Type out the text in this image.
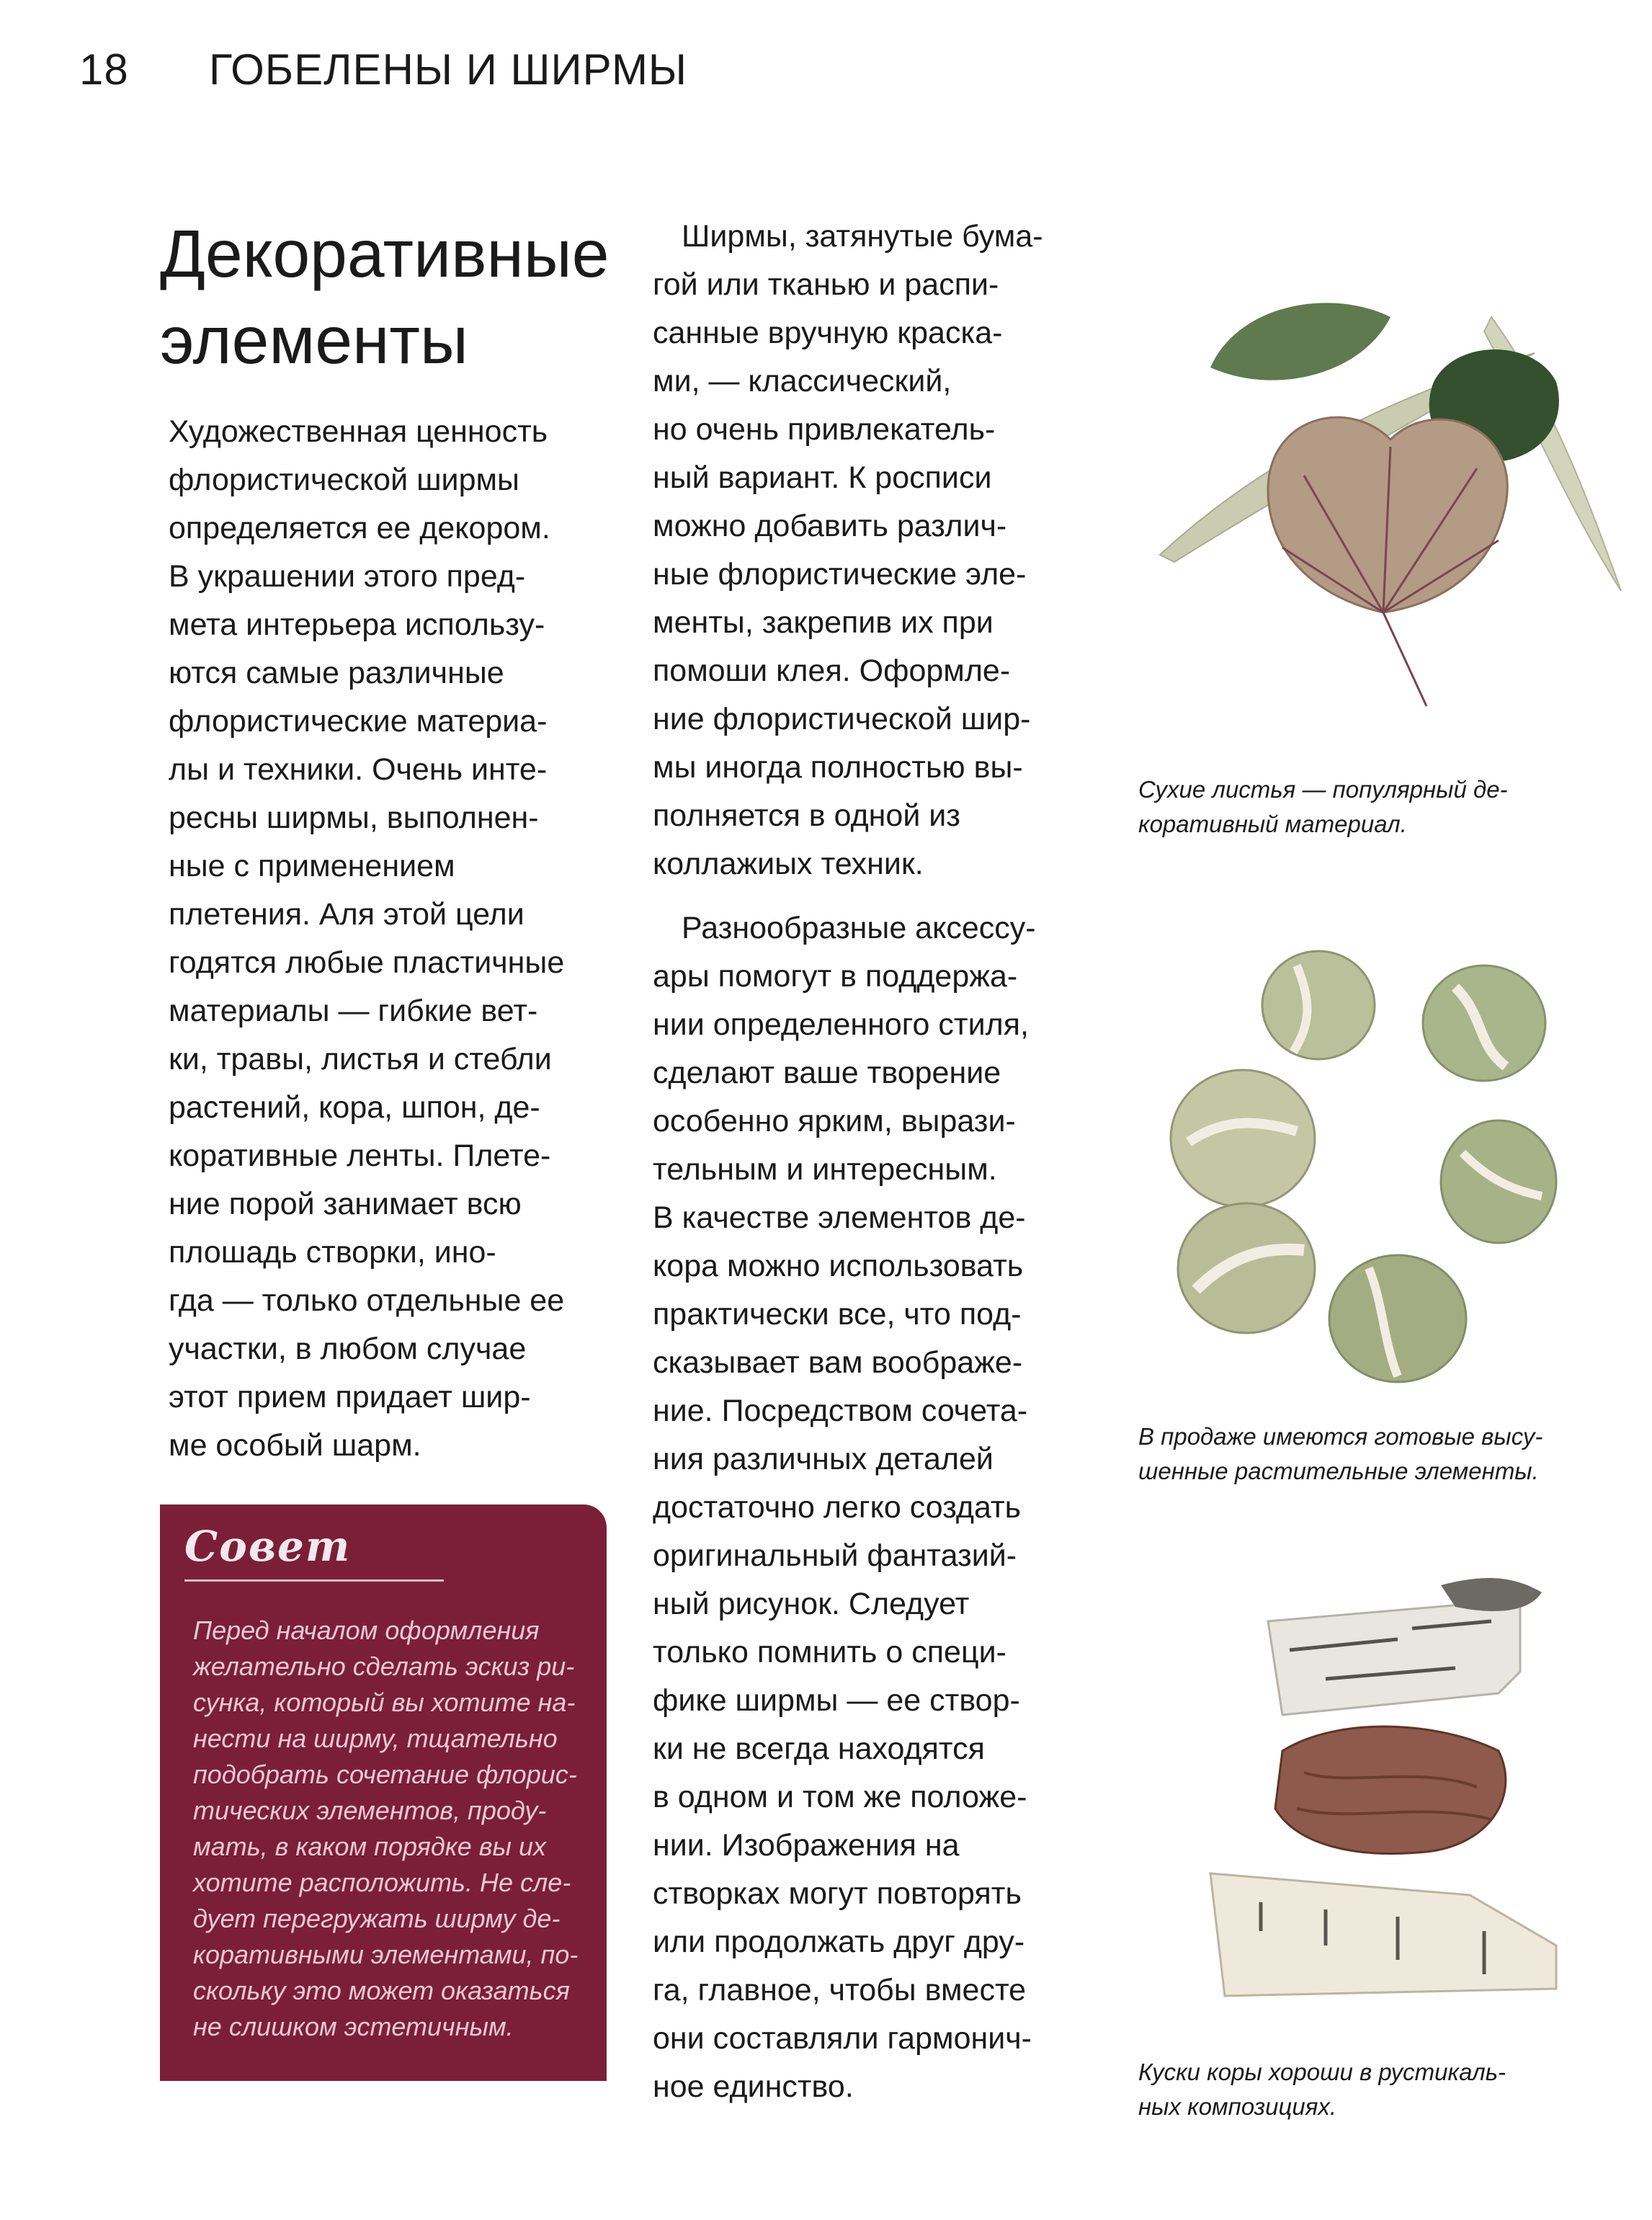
18 ГОБЕЛЕНЫ И ШИРМЫ
Декоративные
элементы
Художественная ценность
флористической ширмы
определяется ее декором.
В украшении этого пред-
мета интерьера использу-
ются самые различные
флористические материа-
лы и техники. Очень инте-
ресны ширмы, выполнен-
ные с применением
плетения. Аля этой цели
годятся любые пластичные
материалы — гибкие вет-
ки, травы, листья и стебли
растений, кора, шпон, де-
коративные ленты. Плете-
ние порой занимает всю
плошадь створки, ино-
гда — только отдельные ее
участки, в любом случае
этот прием придает шир-
ме особый шарм.
Ширмы, затянутые бума-
гой или тканью и распи-
санные вручную краска-
ми, — классический,
но очень привлекатель-
ный вариант. К росписи
можно добавить различ-
ные флористические эле-
менты, закрепив их при
помоши клея. Оформле-
ние флористической шир-
мы иногда полностью вы-
полняется в одной из
коллажиых техник.
Разнообразные аксессу-
ары помогут в поддержа-
нии определенного стиля,
сделают ваше творение
особенно ярким, вырази-
тельным и интересным.
В качестве элементов де-
кора можно использовать
практически все, что под-
сказывает вам воображе-
ние. Посредством сочета-
ния различных деталей
достаточно легко создать
оригинальный фантазий-
ный рисунок. Следует
только помнить о специ-
фике ширмы — ее створ-
ки не всегда находятся
в одном и том же положе-
нии. Изображения на
створках могут повторять
или продолжать друг дру-
га, главное, чтобы вместе
они составляли гармонич-
ное единство.
Совет
Перед началом оформления
желательно сделать эскиз ри-
сунка, который вы хотите на-
нести на ширму, тщательно
подобрать сочетание флорис-
тических элементов, проду-
мать, в каком порядке вы их
хотите расположить. Не сле-
дует перегружать ширму де-
коративными элементами, по-
скольку это может оказаться
не слишком эстетичным.
Сухие листья — популярный де-
коративный материал.
В продаже имеются готовые высу-
шенные растительные элементы.
Куски коры хороши в рустикаль-
ных композициях.
